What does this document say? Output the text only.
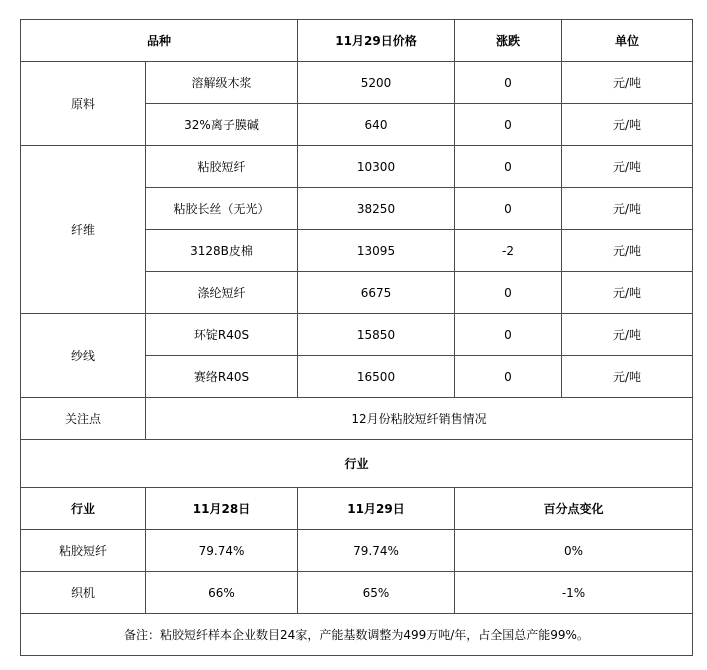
品种		11月29日价格	涨跌	单位
原料	溶解级木浆	5200	0	元/吨
	32%离子膜碱	640	0	元/吨
纤维	粘胶短纤	10300	0	元/吨
	粘胶长丝（无光）	38250	0	元/吨
	3128B皮棉	13095	-2	元/吨
	涤纶短纤	6675	0	元/吨
纱线	环锭R40S	15850	0	元/吨
	赛络R40S	16500	0	元/吨
关注点	12月份粘胶短纤销售情况			
行业				
行业	11月28日	11月29日	百分点变化	
粘胶短纤	79.74%	79.74%	0%	
织机	66%	65%	-1%	
备注：粘胶短纤样本企业数目24家，产能基数调整为499万吨/年，占全国总产能99%。				
